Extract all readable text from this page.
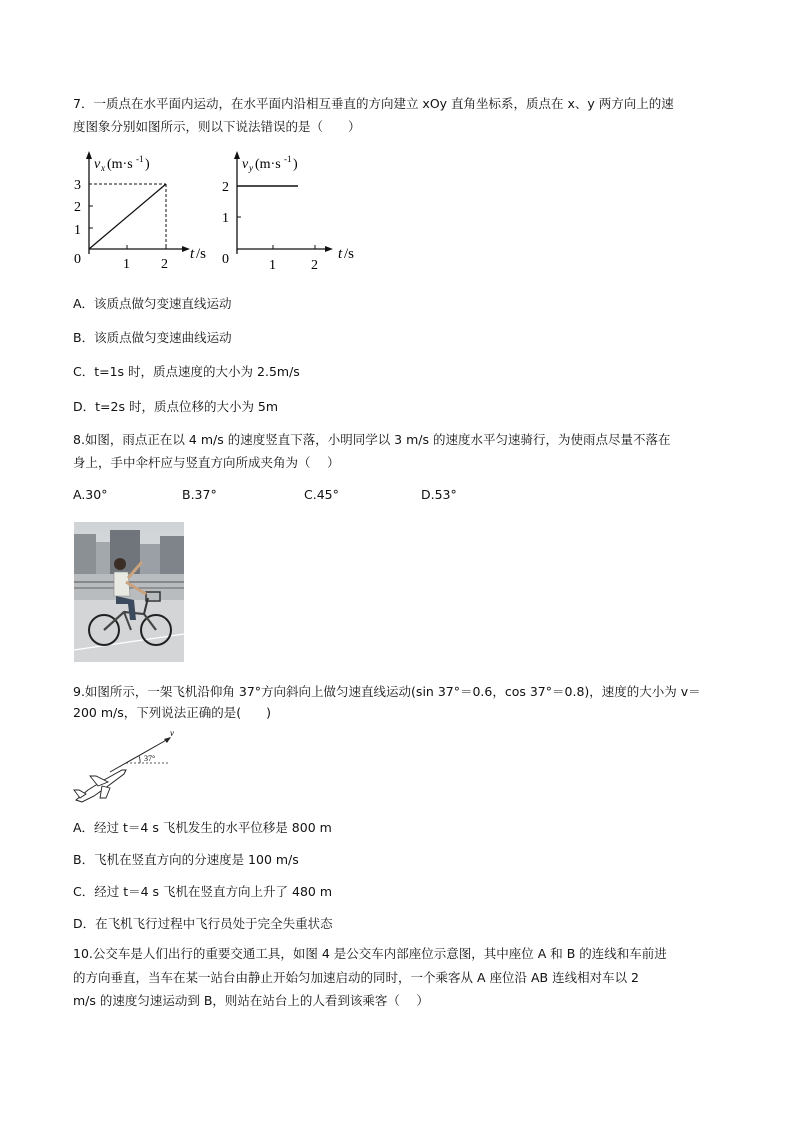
7．一质点在水平面内运动，在水平面内沿相互垂直的方向建立 xOy 直角坐标系，质点在 x、y 两方向上的速
度图象分别如图所示，则以下说法错误的是（　　）
v x (m·s -1 )
3
2
1
0	1 2
t /s
v y (m·s -1 )
2
1
0	1	2
t /s
A．该质点做匀变速直线运动
B．该质点做匀变速曲线运动
C．t=1s 时，质点速度的大小为 2.5m/s
D．t=2s 时，质点位移的大小为 5m
8.如图，雨点正在以 4 m/s 的速度竖直下落，小明同学以 3 m/s 的速度水平匀速骑行，为使雨点尽量不落在
身上，手中伞杆应与竖直方向所成夹角为（　 ）
A.30°	B.37°	C.45°	D.53°
9.如图所示，一架飞机沿仰角 37°方向斜向上做匀速直线运动(sin 37°＝0.6，cos 37°＝0.8)，速度的大小为 v＝
200 m/s，下列说法正确的是(　　)
37°
v
A．经过 t＝4 s 飞机发生的水平位移是 800 m
B．飞机在竖直方向的分速度是 100 m/s
C．经过 t＝4 s 飞机在竖直方向上升了 480 m
D．在飞机飞行过程中飞行员处于完全失重状态
10.公交车是人们出行的重要交通工具，如图 4 是公交车内部座位示意图，其中座位 A 和 B 的连线和车前进
的方向垂直，当车在某一站台由静止开始匀加速启动的同时，一个乘客从 A 座位沿 AB 连线相对车以 2
m/s 的速度匀速运动到 B，则站在站台上的人看到该乘客（　 ）
